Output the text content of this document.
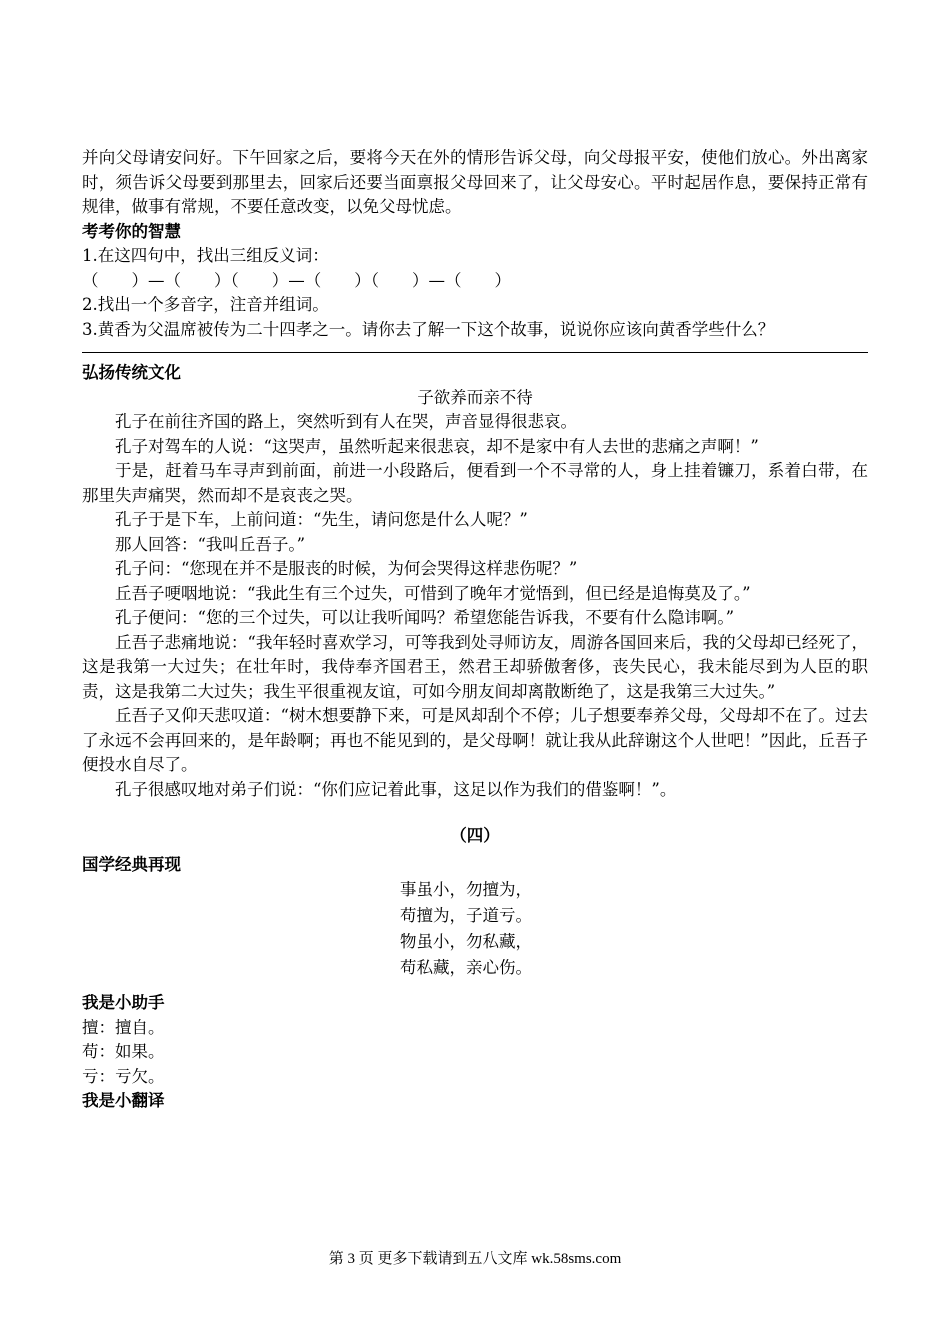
并向父母请安问好。下午回家之后，要将今天在外的情形告诉父母，向父母报平安，使他们放心。外出离家时，须告诉父母要到那里去，回家后还要当面禀报父母回来了，让父母安心。平时起居作息，要保持正常有规律，做事有常规，不要任意改变，以免父母忧虑。

考考你的智慧

1.在这四句中，找出三组反义词：

（　　）—（　　）（　　）—（　　）（　　）—（　　）

2.找出一个多音字，注音并组词。

3.黄香为父温席被传为二十四孝之一。请你去了解一下这个故事，说说你应该向黄香学些什么？

弘扬传统文化

子欲养而亲不待

孔子在前往齐国的路上，突然听到有人在哭，声音显得很悲哀。

孔子对驾车的人说：“这哭声，虽然听起来很悲哀，却不是家中有人去世的悲痛之声啊！”

于是，赶着马车寻声到前面，前进一小段路后，便看到一个不寻常的人，身上挂着镰刀，系着白带，在那里失声痛哭，然而却不是哀丧之哭。

孔子于是下车，上前问道：“先生，请问您是什么人呢？”

那人回答：“我叫丘吾子。”

孔子问：“您现在并不是服丧的时候，为何会哭得这样悲伤呢？”

丘吾子哽咽地说：“我此生有三个过失，可惜到了晚年才觉悟到，但已经是追悔莫及了。”

孔子便问：“您的三个过失，可以让我听闻吗？希望您能告诉我，不要有什么隐讳啊。”

丘吾子悲痛地说：“我年轻时喜欢学习，可等我到处寻师访友，周游各国回来后，我的父母却已经死了，这是我第一大过失；在壮年时，我侍奉齐国君王，然君王却骄傲奢侈，丧失民心，我未能尽到为人臣的职责，这是我第二大过失；我生平很重视友谊，可如今朋友间却离散断绝了，这是我第三大过失。”

丘吾子又仰天悲叹道：“树木想要静下来，可是风却刮个不停；儿子想要奉养父母，父母却不在了。过去了永远不会再回来的，是年龄啊；再也不能见到的，是父母啊！就让我从此辞谢这个人世吧！”因此，丘吾子便投水自尽了。

孔子很感叹地对弟子们说：“你们应记着此事，这足以作为我们的借鉴啊！”。

（四）

国学经典再现

事虽小，勿擅为，

苟擅为，子道亏。

物虽小，勿私藏，

苟私藏，亲心伤。

我是小助手

擅：擅自。

苟：如果。

亏：亏欠。

我是小翻译

第 3 页 更多下载请到五八文库 wk.58sms.com
